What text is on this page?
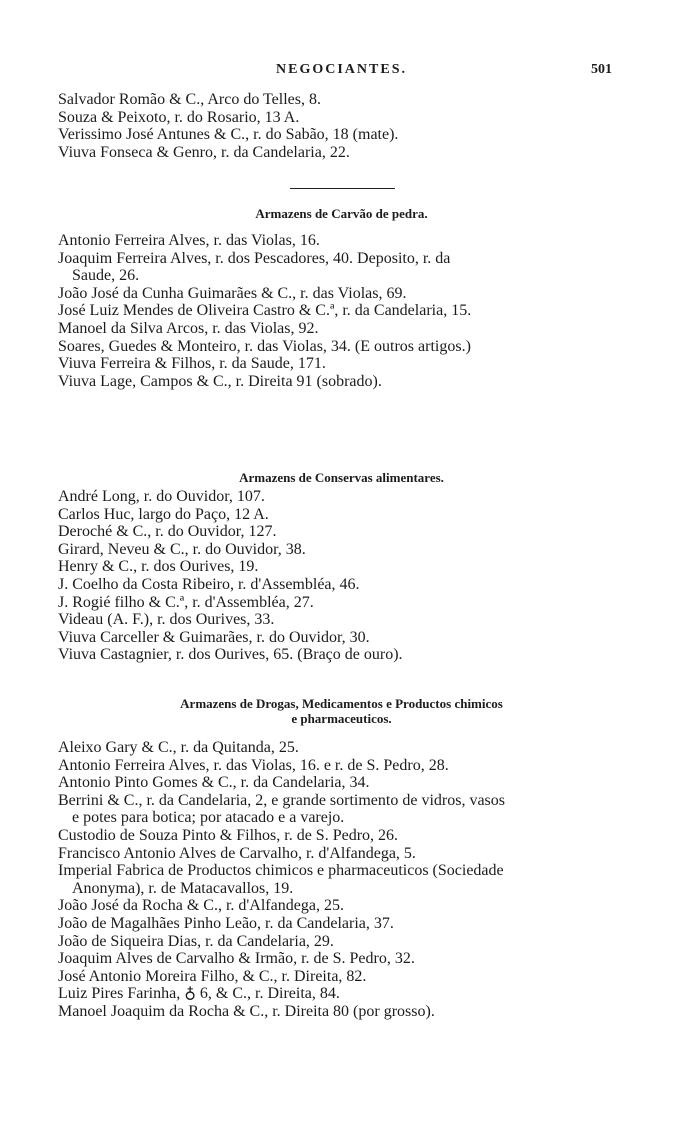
NEGOCIANTES.	501
Salvador Romão & C., Arco do Telles, 8.
Souza & Peixoto, r. do Rosario, 13 A.
Verissimo José Antunes & C., r. do Sabão, 18 (mate).
Viuva Fonseca & Genro, r. da Candelaria, 22.
Armazens de Carvão de pedra.
Antonio Ferreira Alves, r. das Violas, 16.
Joaquim Ferreira Alves, r. dos Pescadores, 40. Deposito, r. da
Saude, 26.
João José da Cunha Guimarães & C., r. das Violas, 69.
José Luiz Mendes de Oliveira Castro & C.ª, r. da Candelaria, 15.
Manoel da Silva Arcos, r. das Violas, 92.
Soares, Guedes & Monteiro, r. das Violas, 34. (E outros artigos.)
Viuva Ferreira & Filhos, r. da Saude, 171.
Viuva Lage, Campos & C., r. Direita 91 (sobrado).
Armazens de Conservas alimentares.
André Long, r. do Ouvidor, 107.
Carlos Huc, largo do Paço, 12 A.
Deroché & C., r. do Ouvidor, 127.
Girard, Neveu & C., r. do Ouvidor, 38.
Henry & C., r. dos Ourives, 19.
J. Coelho da Costa Ribeiro, r. d'Assembléa, 46.
J. Rogié filho & C.ª, r. d'Assembléa, 27.
Videau (A. F.), r. dos Ourives, 33.
Viuva Carceller & Guimarães, r. do Ouvidor, 30.
Viuva Castagnier, r. dos Ourives, 65. (Braço de ouro).
Armazens de Drogas, Medicamentos e Productos chimicos
e pharmaceuticos.
Aleixo Gary & C., r. da Quitanda, 25.
Antonio Ferreira Alves, r. das Violas, 16. e r. de S. Pedro, 28.
Antonio Pinto Gomes & C., r. da Candelaria, 34.
Berrini & C., r. da Candelaria, 2, e grande sortimento de vidros, vasos
e potes para botica; por atacado e a varejo.
Custodio de Souza Pinto & Filhos, r. de S. Pedro, 26.
Francisco Antonio Alves de Carvalho, r. d'Alfandega, 5.
Imperial Fabrica de Productos chimicos e pharmaceuticos (Sociedade
Anonyma), r. de Matacavallos, 19.
João José da Rocha & C., r. d'Alfandega, 25.
João de Magalhães Pinho Leão, r. da Candelaria, 37.
João de Siqueira Dias, r. da Candelaria, 29.
Joaquim Alves de Carvalho & Irmão, r. de S. Pedro, 32.
José Antonio Moreira Filho, & C., r. Direita, 82.
Luiz Pires Farinha, ♁ 6, & C., r. Direita, 84.
Manoel Joaquim da Rocha & C., r. Direita 80 (por grosso).
